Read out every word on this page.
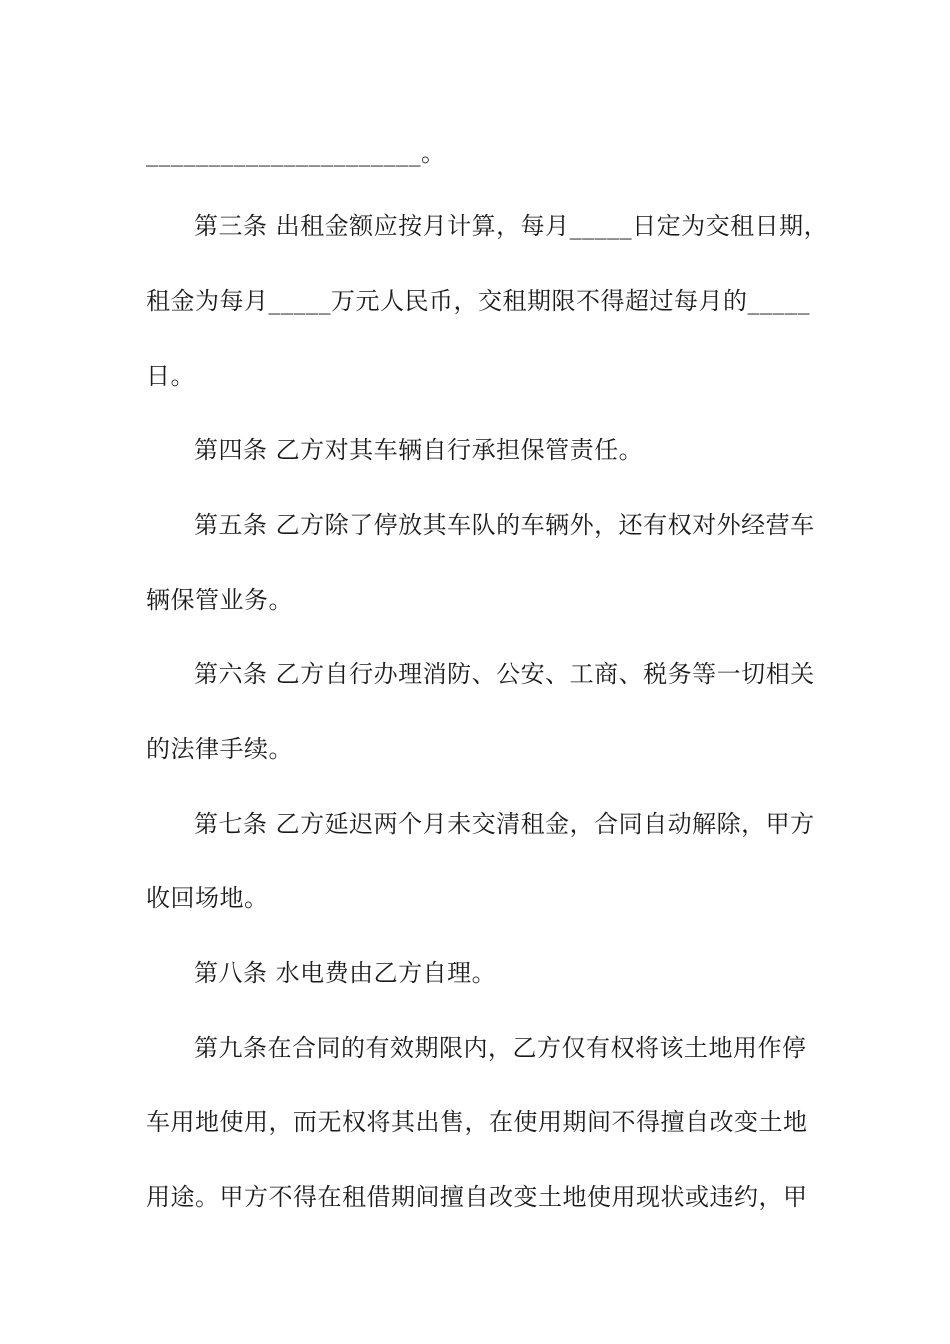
______________________。
第三条 出租金额应按月计算，每月_____日定为交租日期，
租金为每月_____万元人民币，交租期限不得超过每月的_____
日。
第四条 乙方对其车辆自行承担保管责任。
第五条 乙方除了停放其车队的车辆外，还有权对外经营车
辆保管业务。
第六条 乙方自行办理消防、公安、工商、税务等一切相关
的法律手续。
第七条 乙方延迟两个月未交清租金，合同自动解除，甲方
收回场地。
第八条 水电费由乙方自理。
第九条在合同的有效期限内，乙方仅有权将该土地用作停
车用地使用，而无权将其出售，在使用期间不得擅自改变土地
用途。甲方不得在租借期间擅自改变土地使用现状或违约，甲
